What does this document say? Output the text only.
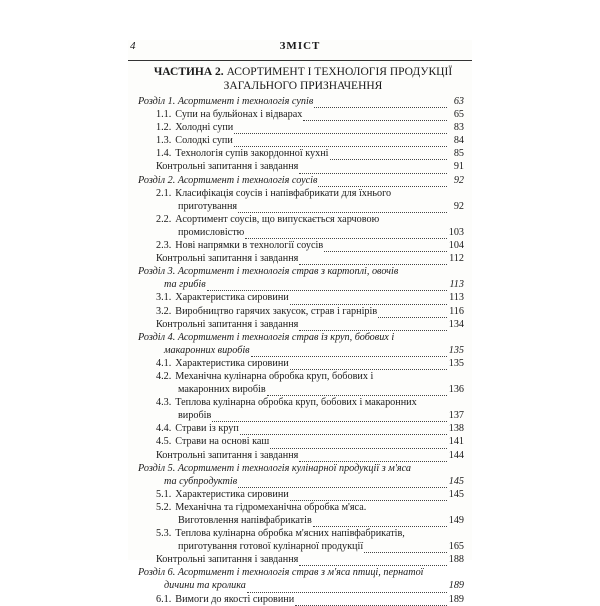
4	ЗМІСТ
ЧАСТИНА 2. АСОРТИМЕНТ І ТЕХНОЛОГІЯ ПРОДУКЦІЇ
ЗАГАЛЬНОГО ПРИЗНАЧЕННЯ
Розділ 1. Асортимент і технологія супів	63
1.1. Супи на бульйонах і відварах	65
1.2. Холодні супи	83
1.3. Солодкі супи	84
1.4. Технологія супів закордонної кухні	85
Контрольні запитання і завдання	91
Розділ 2. Асортимент і технологія соусів	92
2.1. Класифікація соусів і напівфабрикати для їхнього
приготування	92
2.2. Асортимент соусів, що випускається харчовою
промисловістю	103
2.3. Нові напрямки в технології соусів	104
Контрольні запитання і завдання	112
Розділ 3. Асортимент і технологія страв з картоплі, овочів
та грибів	113
3.1. Характеристика сировини	113
3.2. Виробництво гарячих закусок, страв і гарнірів	116
Контрольні запитання і завдання	134
Розділ 4. Асортимент і технологія страв із круп, бобових і
макаронних виробів	135
4.1. Характеристика сировини	135
4.2. Механічна кулінарна обробка круп, бобових і
макаронних виробів	136
4.3. Теплова кулінарна обробка круп, бобових і макаронних
виробів	137
4.4. Страви із круп	138
4.5. Страви на основі каш	141
Контрольні запитання і завдання	144
Розділ 5. Асортимент і технологія кулінарної продукції з м'яса
та субпродуктів	145
5.1. Характеристика сировини	145
5.2. Механічна та гідромеханічна обробка м'яса.
Виготовлення напівфабрикатів	149
5.3. Теплова кулінарна обробка м'ясних напівфабрикатів,
приготування готової кулінарної продукції	165
Контрольні запитання і завдання	188
Розділ 6. Асортимент і технологія страв з м'яса птиці, пернатої
дичини та кролика	189
6.1. Вимоги до якості сировини	189
